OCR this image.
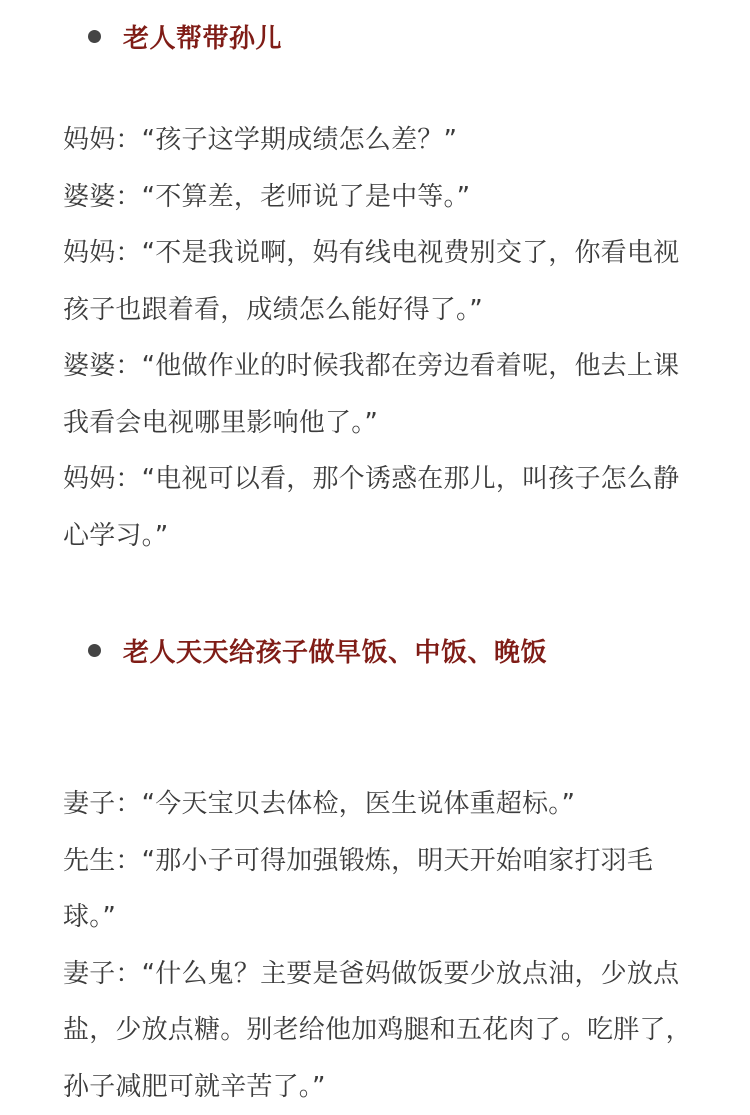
老人帮带孙儿
妈妈：“孩子这学期成绩怎么差？”
婆婆：“不算差，老师说了是中等。”
妈妈：“不是我说啊，妈有线电视费别交了，你看电视孩子也跟着看，成绩怎么能好得了。”
婆婆：“他做作业的时候我都在旁边看着呢，他去上课我看会电视哪里影响他了。”
妈妈：“电视可以看，那个诱惑在那儿，叫孩子怎么静心学习。”
老人天天给孩子做早饭、中饭、晚饭
妻子：“今天宝贝去体检，医生说体重超标。”
先生：“那小子可得加强锻炼，明天开始咱家打羽毛球。”
妻子：“什么鬼？主要是爸妈做饭要少放点油，少放点盐，少放点糖。别老给他加鸡腿和五花肉了。吃胖了，孙子减肥可就辛苦了。”
